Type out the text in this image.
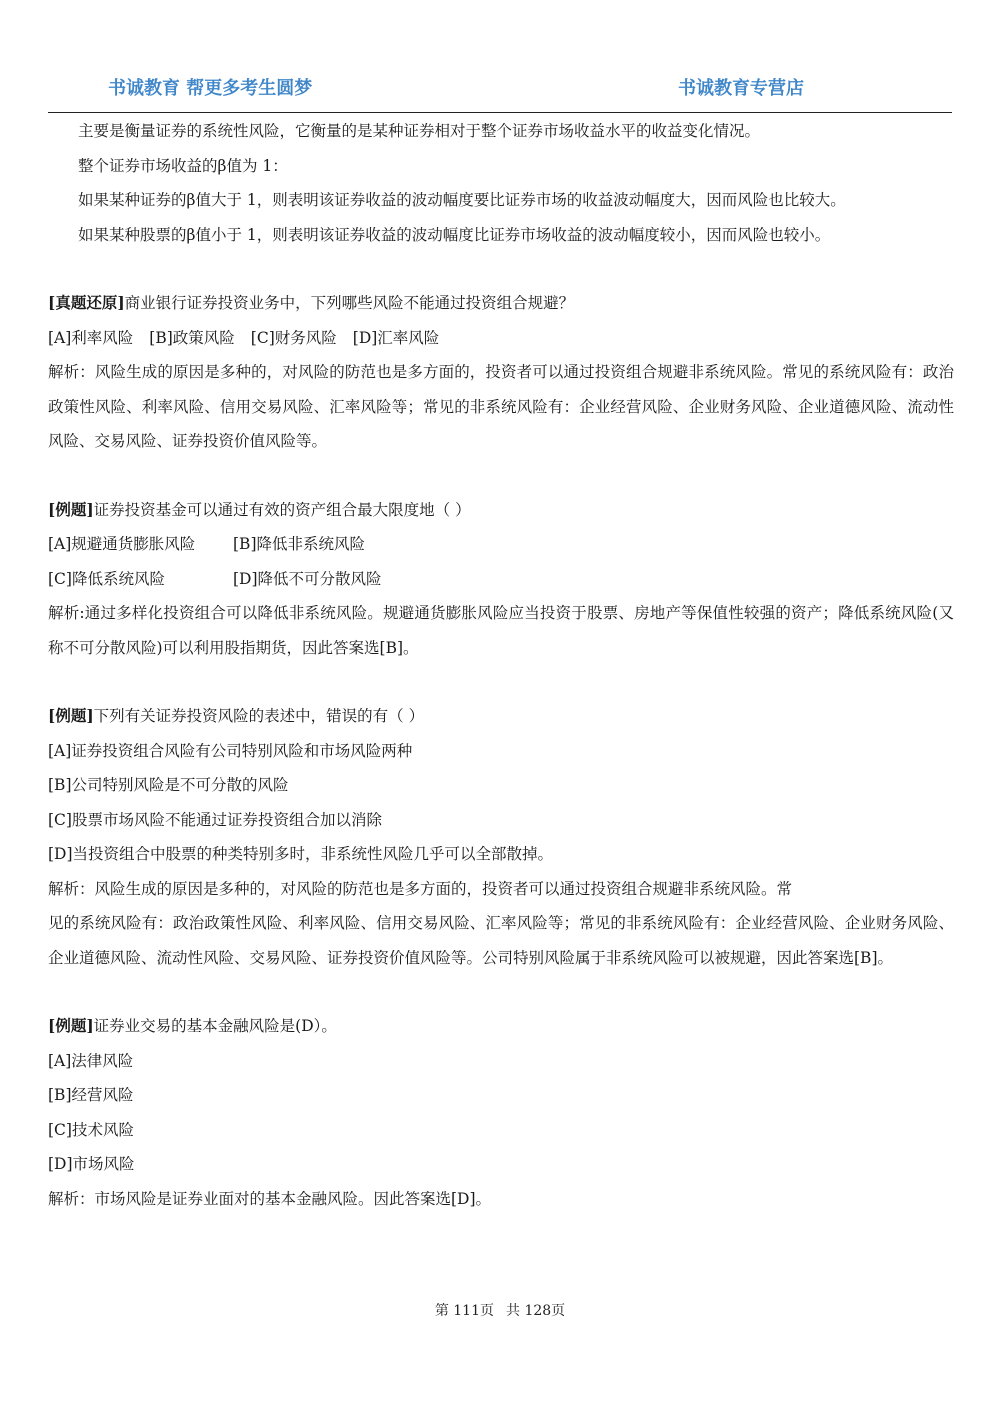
书诚教育 帮更多考生圆梦	书诚教育专营店
主要是衡量证券的系统性风险，它衡量的是某种证券相对于整个证券市场收益水平的收益变化情况。
整个证券市场收益的β值为 1：
如果某种证券的β值大于 1，则表明该证券收益的波动幅度要比证券市场的收益波动幅度大，因而风险也比较大。
如果某种股票的β值小于 1，则表明该证券收益的波动幅度比证券市场收益的波动幅度较小，因而风险也较小。
[真题还原]商业银行证券投资业务中，下列哪些风险不能通过投资组合规避？
[A]利率风险 [B]政策风险 [C]财务风险 [D]汇率风险
解析：风险生成的原因是多种的，对风险的防范也是多方面的，投资者可以通过投资组合规避非系统风险。常见的系统风险有：政治政策性风险、利率风险、信用交易风险、汇率风险等；常见的非系统风险有：企业经营风险、企业财务风险、企业道德风险、流动性风险、交易风险、证券投资价值风险等。
[例题]证券投资基金可以通过有效的资产组合最大限度地（ ）
[A]规避通货膨胀风险 [B]降低非系统风险
[C]降低系统风险	[D]降低不可分散风险
解析:通过多样化投资组合可以降低非系统风险。规避通货膨胀风险应当投资于股票、房地产等保值性较强的资产；降低系统风险(又称不可分散风险)可以利用股指期货，因此答案选[B]。
[例题]下列有关证券投资风险的表述中，错误的有（ ）
[A]证券投资组合风险有公司特别风险和市场风险两种
[B]公司特别风险是不可分散的风险
[C]股票市场风险不能通过证券投资组合加以消除
[D]当投资组合中股票的种类特别多时，非系统性风险几乎可以全部散掉。
解析：风险生成的原因是多种的，对风险的防范也是多方面的，投资者可以通过投资组合规避非系统风险。常
见的系统风险有：政治政策性风险、利率风险、信用交易风险、汇率风险等；常见的非系统风险有：企业经营风险、企业财务风险、企业道德风险、流动性风险、交易风险、证券投资价值风险等。公司特别风险属于非系统风险可以被规避，因此答案选[B]。
[例题]证券业交易的基本金融风险是(D）。
[A]法律风险
[B]经营风险
[C]技术风险
[D]市场风险
解析：市场风险是证券业面对的基本金融风险。因此答案选[D]。
第 111页 共 128页
